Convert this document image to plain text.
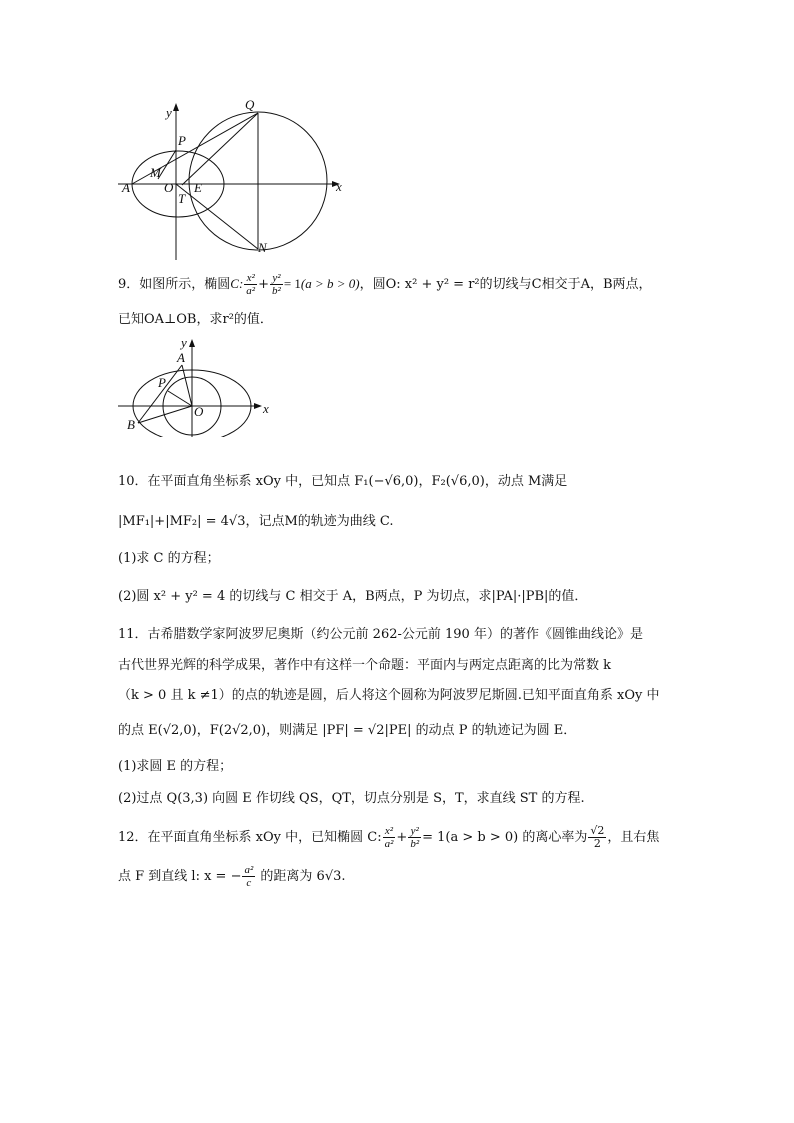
y
x
Q
P
M
A	O E
T
N
9．如图所示，椭圆C: $\frac{\text{x²}}{\text{a²}} + \frac{\text{y²}}{\text{b²}} = 1(a > b > 0)$，圆O: x² + y² = r²的切线与C相交于A，B两点，
已知OA⊥OB，求r²的值．
y
x
A
P
O
B
10．在平面直角坐标系 xOy 中，已知点 F₁(−√6,0)，F₂(√6,0)，动点 M满足
|MF₁|+|MF₂| = 4√3，记点M的轨迹为曲线 C.
(1)求 C 的方程；
(2)圆 x² + y² = 4 的切线与 C 相交于 A，B两点，P 为切点，求|PA|·|PB|的值．
11．古希腊数学家阿波罗尼奥斯（约公元前 262-公元前 190 年）的著作《圆锥曲线论》是
古代世界光辉的科学成果，著作中有这样一个命题：平面内与两定点距离的比为常数 k
（k > 0 且 k ≠1）的点的轨迹是圆，后人将这个圆称为阿波罗尼斯圆.已知平面直角系 xOy 中
的点 E(√2,0)，F(2√2,0)，则满足 |PF| = √2|PE| 的动点 P 的轨迹记为圆 E．
(1)求圆 E 的方程；
(2)过点 Q(3,3) 向圆 E 作切线 QS，QT，切点分别是 S，T，求直线 ST 的方程.
12．在平面直角坐标系 xOy 中，已知椭圆 C: $\frac{\text{x²}}{\text{a²}} + \frac{\text{y²}}{\text{b²}} = 1(a > b > 0)$ 的离心率为 $\frac{√2}{2}$ ，且右焦
点 F 到直线 l: x = − $\frac{\text{a²}}{c}$ 的距离为 6√3.
